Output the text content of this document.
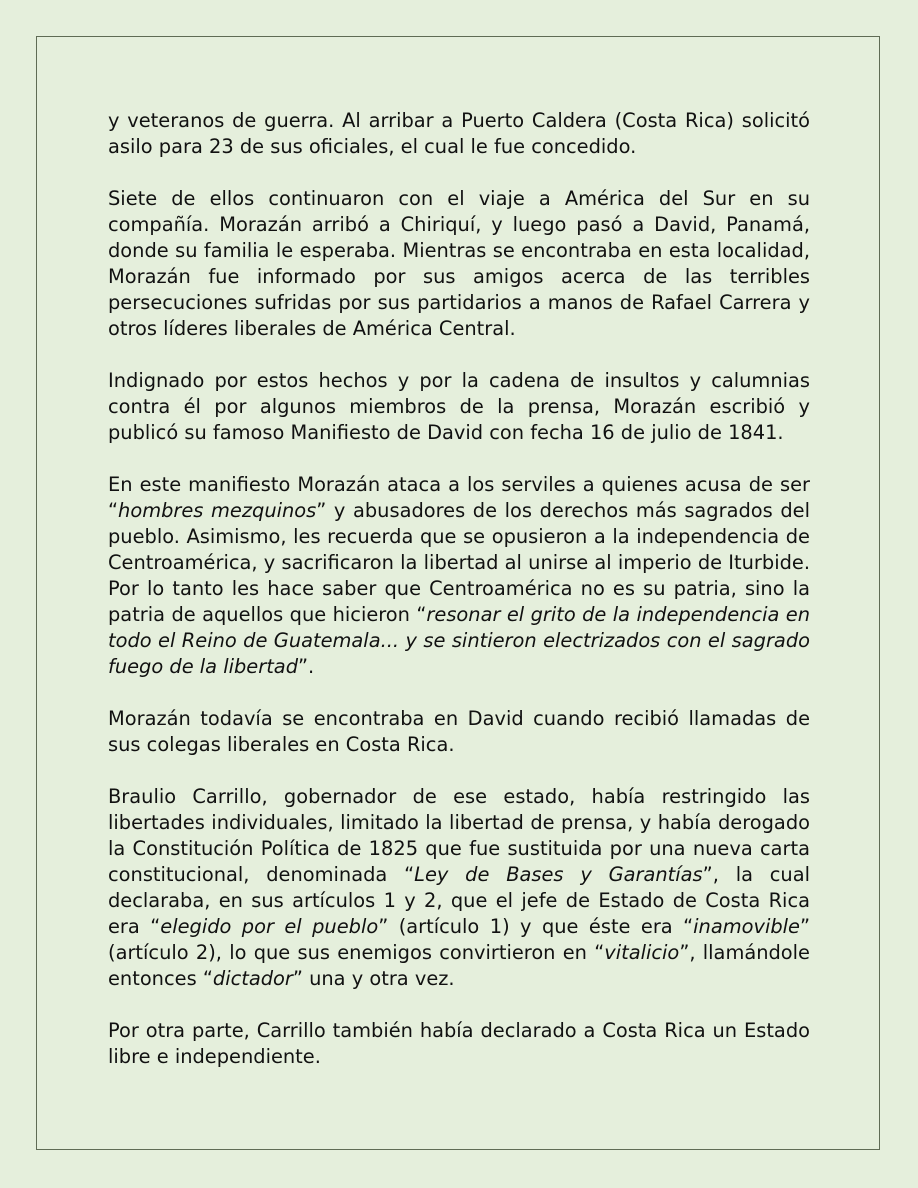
y veteranos de guerra. Al arribar a Puerto Caldera (Costa Rica) solicitó asilo para 23 de sus oficiales, el cual le fue concedido.

Siete de ellos continuaron con el viaje a América del Sur en su compañía. Morazán arribó a Chiriquí, y luego pasó a David, Panamá, donde su familia le esperaba. Mientras se encontraba en esta localidad, Morazán fue informado por sus amigos acerca de las terribles persecuciones sufridas por sus partidarios a manos de Rafael Carrera y otros líderes liberales de América Central.

Indignado por estos hechos y por la cadena de insultos y calumnias contra él por algunos miembros de la prensa, Morazán escribió y publicó su famoso Manifiesto de David con fecha 16 de julio de 1841.

En este manifiesto Morazán ataca a los serviles a quienes acusa de ser “hombres mezquinos” y abusadores de los derechos más sagrados del pueblo. Asimismo, les recuerda que se opusieron a la independencia de Centroamérica, y sacrificaron la libertad al unirse al imperio de Iturbide. Por lo tanto les hace saber que Centroamérica no es su patria, sino la patria de aquellos que hicieron “resonar el grito de la independencia en todo el Reino de Guatemala... y se sintieron electrizados con el sagrado fuego de la libertad”.

Morazán todavía se encontraba en David cuando recibió llamadas de sus colegas liberales en Costa Rica.

Braulio Carrillo, gobernador de ese estado, había restringido las libertades individuales, limitado la libertad de prensa, y había derogado la Constitución Política de 1825 que fue sustituida por una nueva carta constitucional, denominada “Ley de Bases y Garantías”, la cual declaraba, en sus artículos 1 y 2, que el jefe de Estado de Costa Rica era “elegido por el pueblo” (artículo 1) y que éste era “inamovible” (artículo 2), lo que sus enemigos convirtieron en “vitalicio”, llamándole entonces “dictador” una y otra vez.

Por otra parte, Carrillo también había declarado a Costa Rica un Estado libre e independiente.
